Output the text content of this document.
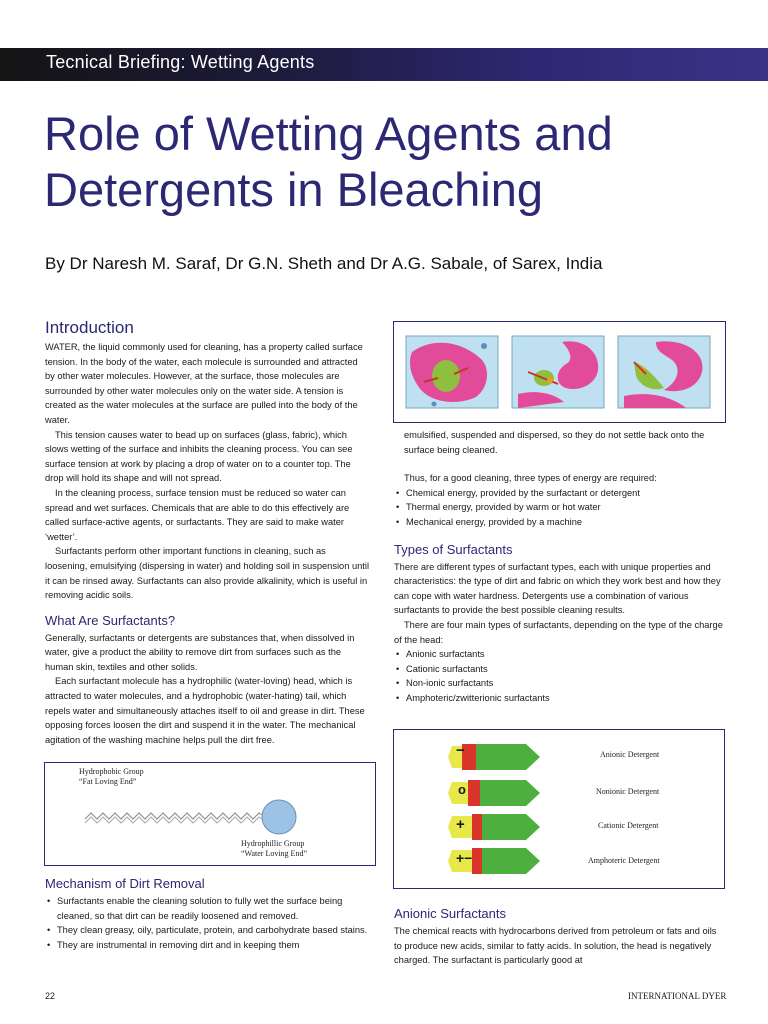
Tecnical Briefing: Wetting Agents
Role of Wetting Agents and
Detergents in Bleaching

By Dr Naresh M. Saraf, Dr G.N. Sheth and Dr A.G. Sabale, of Sarex, India

Introduction

WATER, the liquid commonly used for cleaning, has a property called surface tension. In the body of the water, each molecule is surrounded and attracted by other water molecules. However, at the surface, those molecules are surrounded by other water molecules only on the water side. A tension is created as the water molecules at the surface are pulled into the body of the water.

This tension causes water to bead up on surfaces (glass, fabric), which slows wetting of the surface and inhibits the cleaning process. You can see surface tension at work by placing a drop of water on to a counter top. The drop will hold its shape and will not spread.

In the cleaning process, surface tension must be reduced so water can spread and wet surfaces. Chemicals that are able to do this effectively are called surface-active agents, or surfactants. They are said to make water ‘wetter’.

Surfactants perform other important functions in cleaning, such as loosening, emulsifying (dispersing in water) and holding soil in suspension until it can be rinsed away. Surfactants can also provide alkalinity, which is useful in removing acidic soils.

What Are Surfactants?

Generally, surfactants or detergents are substances that, when dissolved in water, give a product the ability to remove dirt from surfaces such as the human skin, textiles and other solids.

Each surfactant molecule has a hydrophilic (water-loving) head, which is attracted to water molecules, and a hydrophobic (water-hating) tail, which repels water and simultaneously attaches itself to oil and grease in dirt. These opposing forces loosen the dirt and suspend it in the water. The mechanical agitation of the washing machine helps pull the dirt free.

Hydrophobic Group
“Fat Loving End”
Hydrophillic Group
“Water Loving End”
Mechanism of Dirt Removal
• Surfactants enable the cleaning solution to fully wet the surface being cleaned, so that dirt can be readily loosened and removed.
• They clean greasy, oily, particulate, protein, and carbohydrate based stains.
• They are instrumental in removing dirt and in keeping them

emulsified, suspended and dispersed, so they do not settle back onto the surface being cleaned.

Thus, for a good cleaning, three types of energy are required:

• Chemical energy, provided by the surfactant or detergent
• Thermal energy, provided by warm or hot water
• Mechanical energy, provided by a machine
Types of Surfactants

There are different types of surfactant types, each with unique properties and characteristics: the type of dirt and fabric on which they work best and how they can cope with water hardness. Detergents use a combination of various surfactants to provide the best possible cleaning results.

There are four main types of surfactants, depending on the type of the charge of the head:

• Anionic surfactants
• Cationic surfactants
• Non-ionic surfactants
• Amphoteric/zwitterionic surfactants
−
o
+
+−
Anionic Detergent
Nonionic Detergent
Cationic Detergent
Amphoteric Detergent
Anionic Surfactants

The chemical reacts with hydrocarbons derived from petroleum or fats and oils to produce new acids, similar to fatty acids. In solution, the head is negatively charged. The surfactant is particularly good at

22	INTERNATIONAL DYER
